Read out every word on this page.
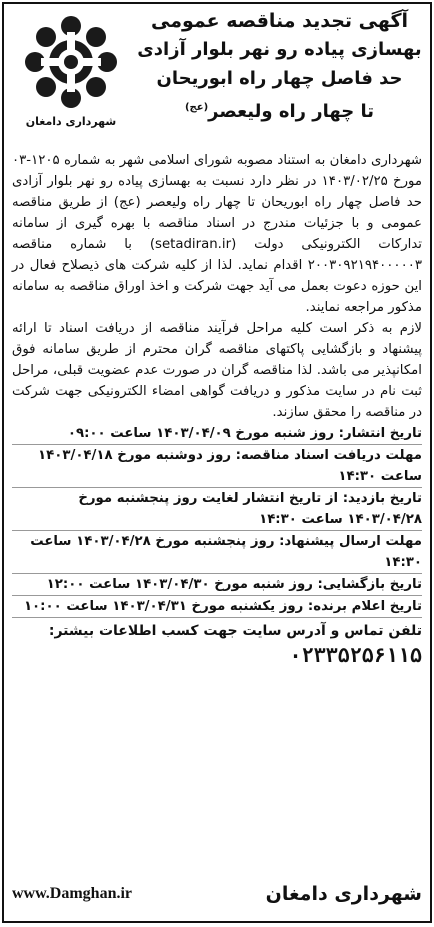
شهرداری دامغان
آگهی تجدید مناقصه عمومی
بهسازی پیاده رو نهر بلوار آزادی
حد فاصل چهار راه ابوریحان
تا چهار راه ولیعصر$^{(عج)}$

شهرداری دامغان به استناد مصوبه شورای اسلامی شهر به شماره ۱۲۰۵-۰۳ مورخ ۱۴۰۳/۰۲/۲۵ در نظر دارد نسبت به بهسازی پیاده رو نهر بلوار آزادی حد فاصل چهار راه ابوریحان تا چهار راه ولیعصر (عج) از طریق مناقصه عمومی و با جزئیات مندرج در اسناد مناقصه با بهره گیری از سامانه تدارکات الکترونیکی دولت (setadiran.ir) با شماره مناقصه ۲۰۰۳۰۹۲۱۹۴۰۰۰۰۰۳ اقدام نماید. لذا از کلیه شرکت های ذیصلاح فعال در این حوزه دعوت بعمل می آید جهت شرکت و اخذ اوراق مناقصه به سامانه مذکور مراجعه نمایند.

لازم به ذکر است کلیه مراحل فرآیند مناقصه از دریافت اسناد تا ارائه پیشنهاد و بازگشایی پاکتهای مناقصه گران محترم از طریق سامانه فوق امکانپذیر می باشد. لذا مناقصه گران در صورت عدم عضویت قبلی، مراحل ثبت نام در سایت مذکور و دریافت گواهی امضاء الکترونیکی جهت شرکت در مناقصه را محقق سازند.

تاریخ انتشار: روز شنبه مورخ ۱۴۰۳/۰۴/۰۹ ساعت ۰۹:۰۰

مهلت دریافت اسناد مناقصه: روز دوشنبه مورخ ۱۴۰۳/۰۴/۱۸ ساعت ۱۴:۳۰

تاریخ بازدید: از تاریخ انتشار لغایت روز پنجشنبه مورخ ۱۴۰۳/۰۴/۲۸ ساعت ۱۴:۳۰

مهلت ارسال پیشنهاد: روز پنجشنبه مورخ ۱۴۰۳/۰۴/۲۸ ساعت ۱۴:۳۰

تاریخ بازگشایی: روز شنبه مورخ ۱۴۰۳/۰۴/۳۰ ساعت ۱۲:۰۰

تاریخ اعلام برنده: روز یکشنبه مورخ ۱۴۰۳/۰۴/۳۱ ساعت ۱۰:۰۰

تلفن تماس و آدرس سایت جهت کسب اطلاعات بیشتر:
۰۲۳۳۵۲۵۶۱۱۵
شهرداری دامغان
www.Damghan.ir
